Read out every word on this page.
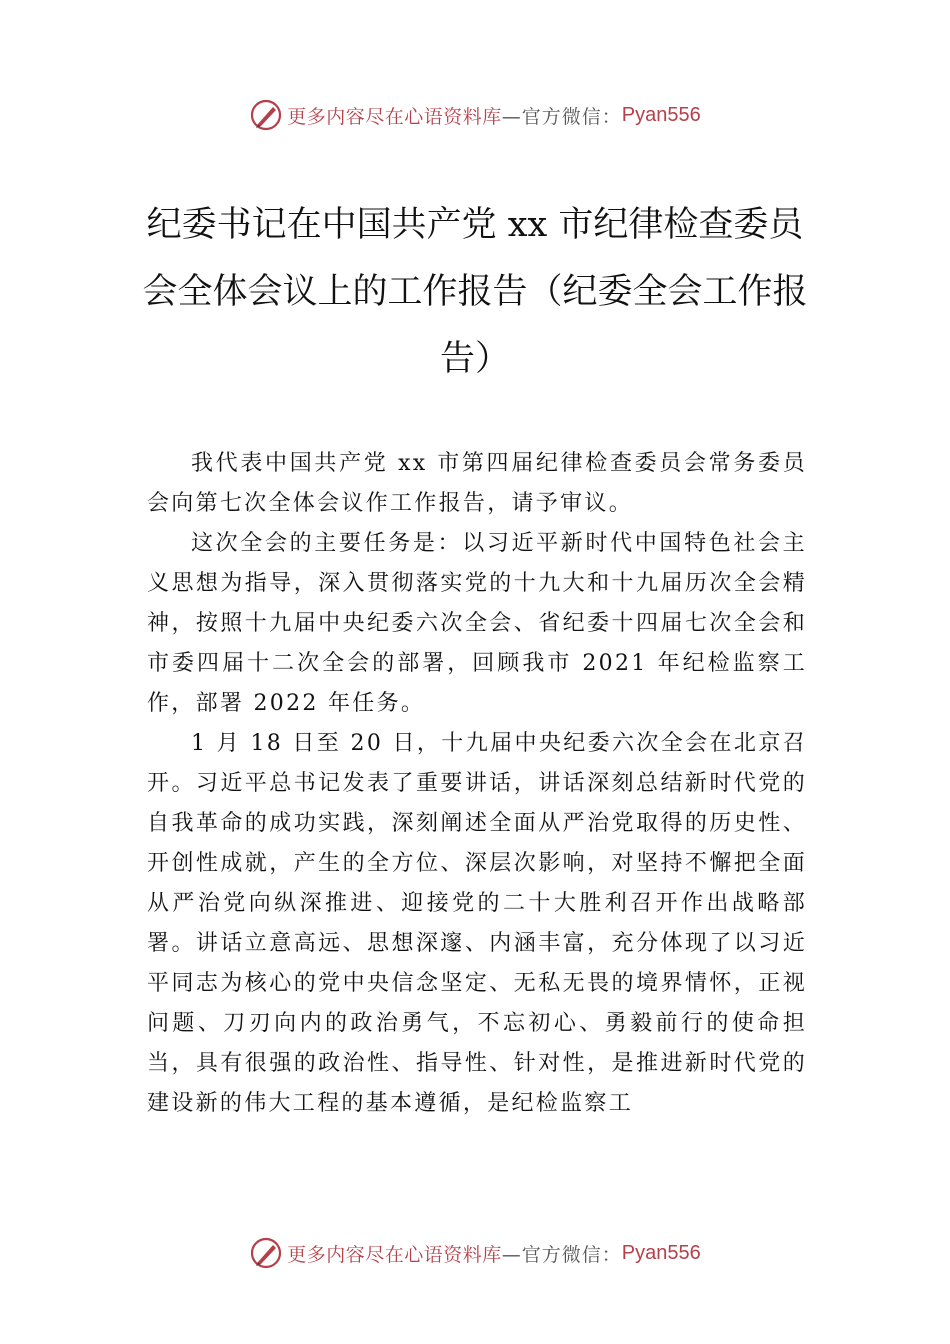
更多内容尽在心语资料库 —官方微信： Pyan556
纪委书记在中国共产党 xx 市纪律检查委员会全体会议上的工作报告（纪委全会工作报告）

我代表中国共产党 xx 市第四届纪律检查委员会常务委员会向第七次全体会议作工作报告，请予审议。

这次全会的主要任务是：以习近平新时代中国特色社会主义思想为指导，深入贯彻落实党的十九大和十九届历次全会精神，按照十九届中央纪委六次全会、省纪委十四届七次全会和市委四届十二次全会的部署，回顾我市 2021 年纪检监察工作，部署 2022 年任务。

1 月 18 日至 20 日，十九届中央纪委六次全会在北京召开。习近平总书记发表了重要讲话，讲话深刻总结新时代党的自我革命的成功实践，深刻阐述全面从严治党取得的历史性、开创性成就，产生的全方位、深层次影响，对坚持不懈把全面从严治党向纵深推进、迎接党的二十大胜利召开作出战略部署。讲话立意高远、思想深邃、内涵丰富，充分体现了以习近平同志为核心的党中央信念坚定、无私无畏的境界情怀，正视问题、刀刃向内的政治勇气，不忘初心、勇毅前行的使命担当，具有很强的政治性、指导性、针对性，是推进新时代党的建设新的伟大工程的基本遵循，是纪检监察工

更多内容尽在心语资料库 —官方微信： Pyan556
